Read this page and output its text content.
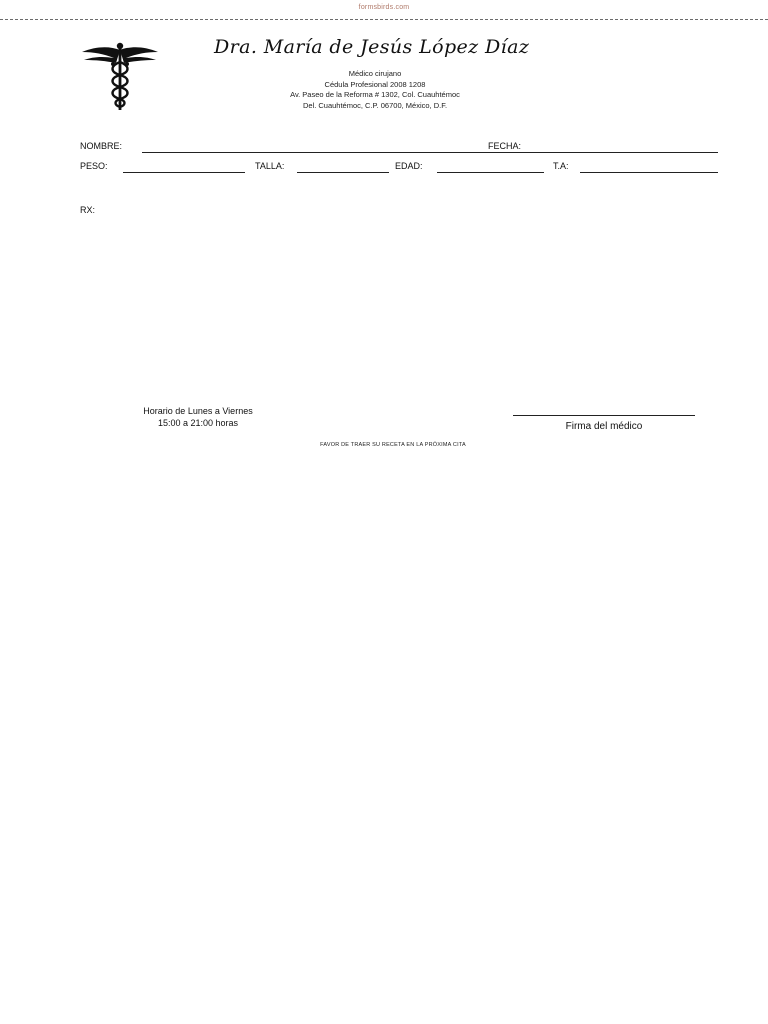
formsbirds.com
Dra. María de Jesús López Díaz
Médico cirujano
Cédula Profesional 2008 1208
Av. Paseo de la Reforma # 1302, Col. Cuauhtémoc
Del. Cuauhtémoc, C.P. 06700, México, D.F.
NOMBRE:	FECHA:
PESO:	TALLA:	EDAD:	T.A:
RX:
Horario de Lunes a Viernes
15:00 a 21:00 horas	Firma del médico
FAVOR DE TRAER SU RECETA EN LA PRÓXIMA CITA
